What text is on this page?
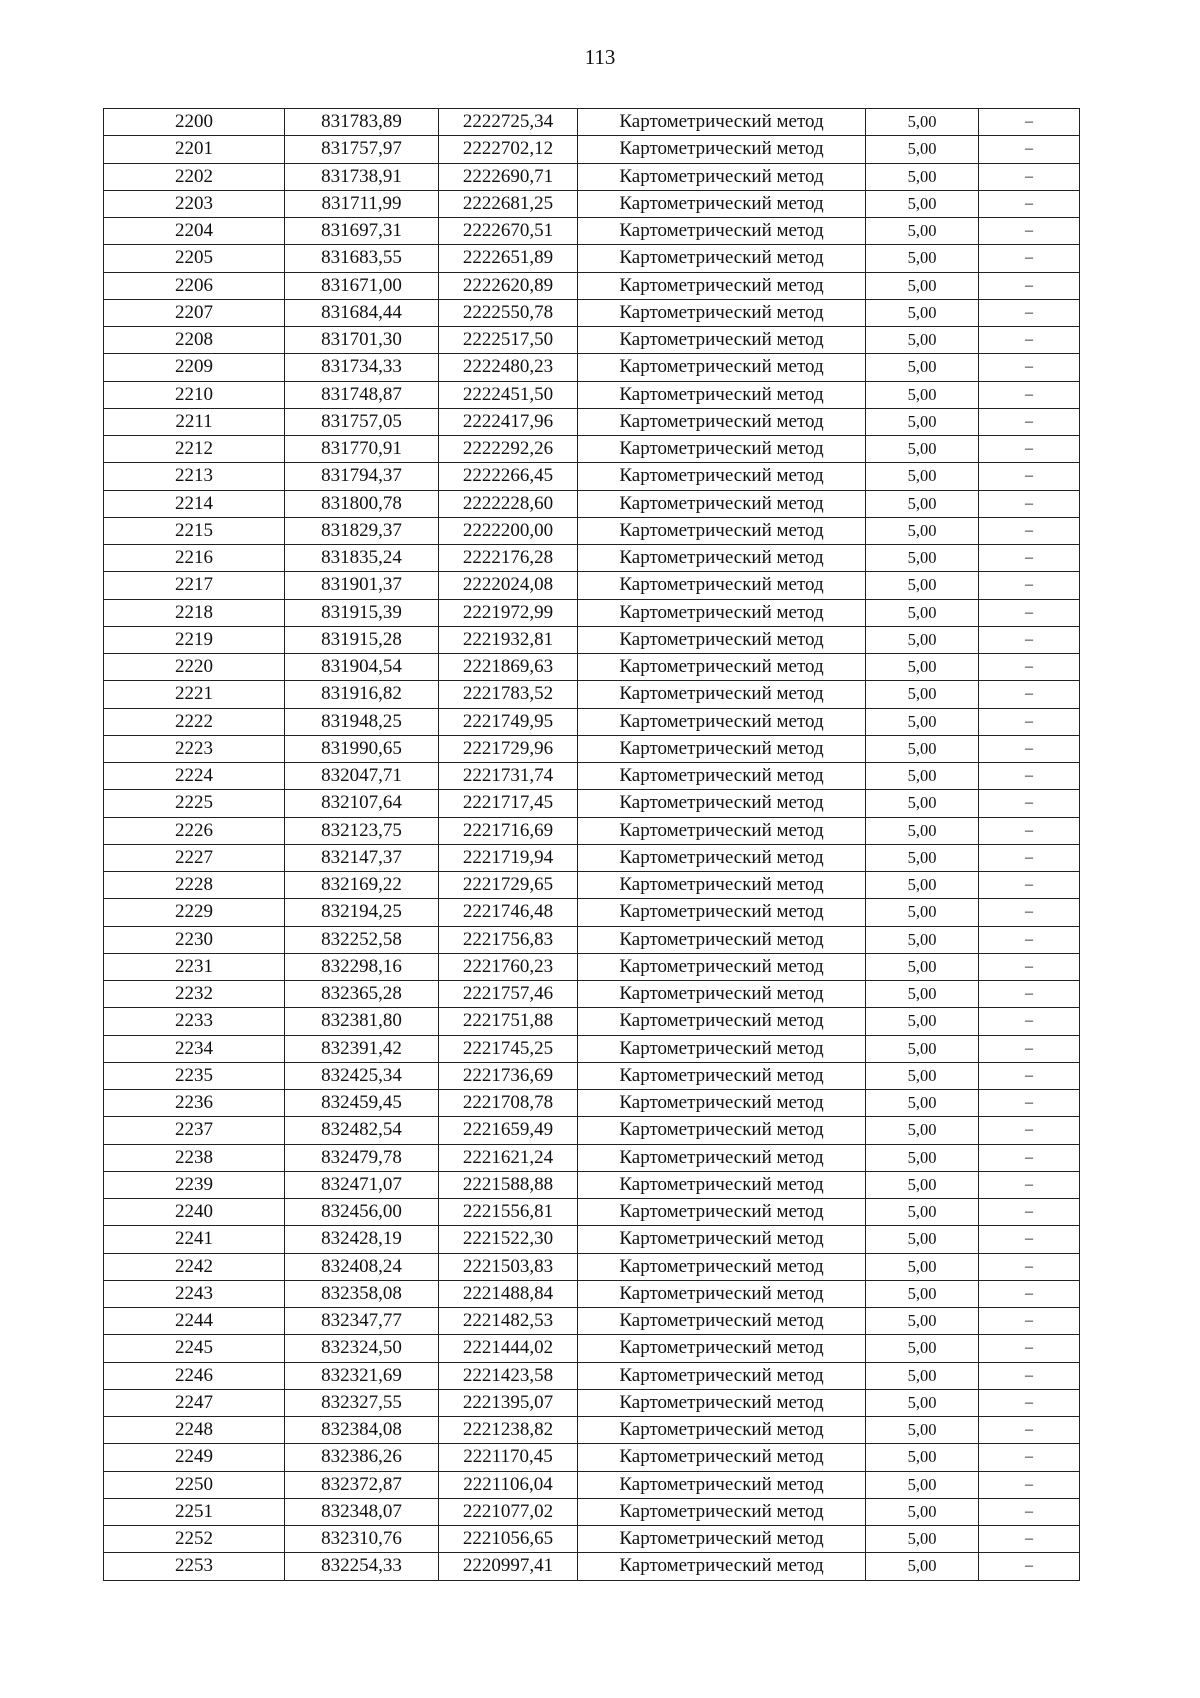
113
2200	831783,89	2222725,34	Картометрический метод	5,00	–
2201	831757,97	2222702,12	Картометрический метод	5,00	–
2202	831738,91	2222690,71	Картометрический метод	5,00	–
2203	831711,99	2222681,25	Картометрический метод	5,00	–
2204	831697,31	2222670,51	Картометрический метод	5,00	–
2205	831683,55	2222651,89	Картометрический метод	5,00	–
2206	831671,00	2222620,89	Картометрический метод	5,00	–
2207	831684,44	2222550,78	Картометрический метод	5,00	–
2208	831701,30	2222517,50	Картометрический метод	5,00	–
2209	831734,33	2222480,23	Картометрический метод	5,00	–
2210	831748,87	2222451,50	Картометрический метод	5,00	–
2211	831757,05	2222417,96	Картометрический метод	5,00	–
2212	831770,91	2222292,26	Картометрический метод	5,00	–
2213	831794,37	2222266,45	Картометрический метод	5,00	–
2214	831800,78	2222228,60	Картометрический метод	5,00	–
2215	831829,37	2222200,00	Картометрический метод	5,00	–
2216	831835,24	2222176,28	Картометрический метод	5,00	–
2217	831901,37	2222024,08	Картометрический метод	5,00	–
2218	831915,39	2221972,99	Картометрический метод	5,00	–
2219	831915,28	2221932,81	Картометрический метод	5,00	–
2220	831904,54	2221869,63	Картометрический метод	5,00	–
2221	831916,82	2221783,52	Картометрический метод	5,00	–
2222	831948,25	2221749,95	Картометрический метод	5,00	–
2223	831990,65	2221729,96	Картометрический метод	5,00	–
2224	832047,71	2221731,74	Картометрический метод	5,00	–
2225	832107,64	2221717,45	Картометрический метод	5,00	–
2226	832123,75	2221716,69	Картометрический метод	5,00	–
2227	832147,37	2221719,94	Картометрический метод	5,00	–
2228	832169,22	2221729,65	Картометрический метод	5,00	–
2229	832194,25	2221746,48	Картометрический метод	5,00	–
2230	832252,58	2221756,83	Картометрический метод	5,00	–
2231	832298,16	2221760,23	Картометрический метод	5,00	–
2232	832365,28	2221757,46	Картометрический метод	5,00	–
2233	832381,80	2221751,88	Картометрический метод	5,00	–
2234	832391,42	2221745,25	Картометрический метод	5,00	–
2235	832425,34	2221736,69	Картометрический метод	5,00	–
2236	832459,45	2221708,78	Картометрический метод	5,00	–
2237	832482,54	2221659,49	Картометрический метод	5,00	–
2238	832479,78	2221621,24	Картометрический метод	5,00	–
2239	832471,07	2221588,88	Картометрический метод	5,00	–
2240	832456,00	2221556,81	Картометрический метод	5,00	–
2241	832428,19	2221522,30	Картометрический метод	5,00	–
2242	832408,24	2221503,83	Картометрический метод	5,00	–
2243	832358,08	2221488,84	Картометрический метод	5,00	–
2244	832347,77	2221482,53	Картометрический метод	5,00	–
2245	832324,50	2221444,02	Картометрический метод	5,00	–
2246	832321,69	2221423,58	Картометрический метод	5,00	–
2247	832327,55	2221395,07	Картометрический метод	5,00	–
2248	832384,08	2221238,82	Картометрический метод	5,00	–
2249	832386,26	2221170,45	Картометрический метод	5,00	–
2250	832372,87	2221106,04	Картометрический метод	5,00	–
2251	832348,07	2221077,02	Картометрический метод	5,00	–
2252	832310,76	2221056,65	Картометрический метод	5,00	–
2253	832254,33	2220997,41	Картометрический метод	5,00	–
